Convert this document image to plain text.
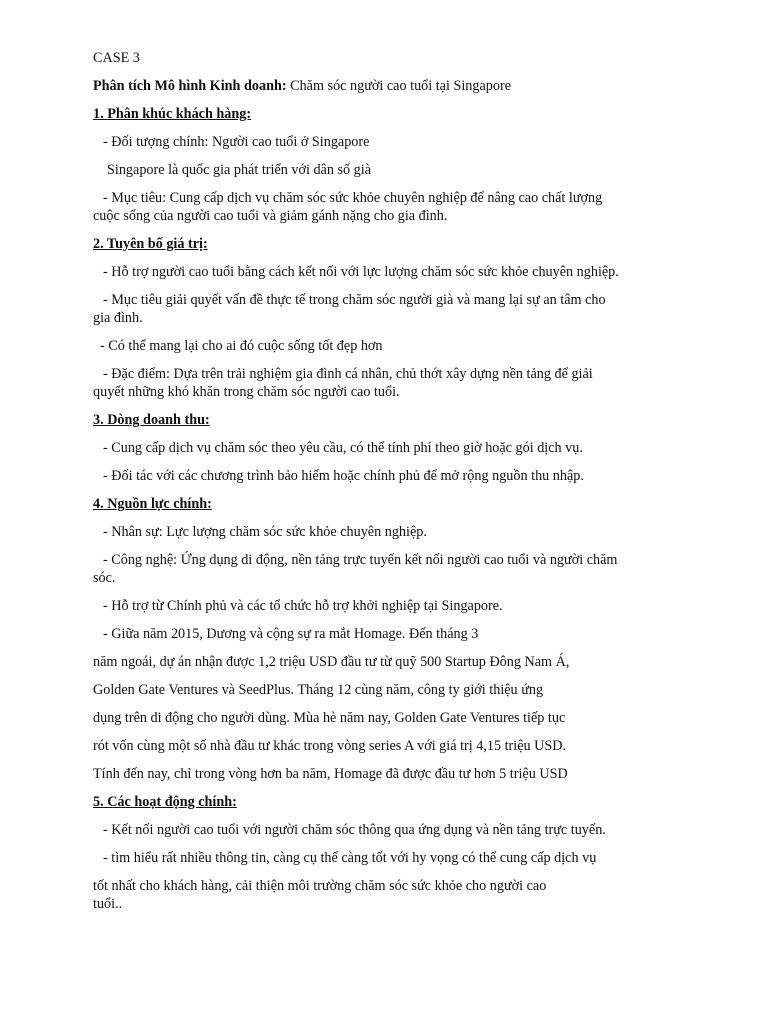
CASE 3
Phân tích Mô hình Kinh doanh: Chăm sóc người cao tuổi tại Singapore
1. Phân khúc khách hàng:
- Đối tượng chính: Người cao tuổi ở Singapore
Singapore là quốc gia phát triển với dân số già
- Mục tiêu: Cung cấp dịch vụ chăm sóc sức khỏe chuyên nghiệp để nâng cao chất lượng
cuộc sống của người cao tuổi và giảm gánh nặng cho gia đình.
2. Tuyên bố giá trị:
- Hỗ trợ người cao tuổi bằng cách kết nối với lực lượng chăm sóc sức khỏe chuyên nghiệp.
- Mục tiêu giải quyết vấn đề thực tế trong chăm sóc người già và mang lại sự an tâm cho
gia đình.
- Có thể mang lại cho ai đó cuộc sống tốt đẹp hơn
- Đặc điểm: Dựa trên trải nghiệm gia đình cá nhân, chủ thớt xây dựng nền tảng để giải
quyết những khó khăn trong chăm sóc người cao tuổi.
3. Dòng doanh thu:
- Cung cấp dịch vụ chăm sóc theo yêu cầu, có thể tính phí theo giờ hoặc gói dịch vụ.
- Đối tác với các chương trình bảo hiểm hoặc chính phủ để mở rộng nguồn thu nhập.
4. Nguồn lực chính:
- Nhân sự: Lực lượng chăm sóc sức khỏe chuyên nghiệp.
- Công nghệ: Ứng dụng di động, nền tảng trực tuyến kết nối người cao tuổi và người chăm
sóc.
- Hỗ trợ từ Chính phủ và các tổ chức hỗ trợ khởi nghiệp tại Singapore.
- Giữa năm 2015, Dương và cộng sự ra mắt Homage. Đến tháng 3
năm ngoái, dự án nhận được 1,2 triệu USD đầu tư từ quỹ 500 Startup Đông Nam Á,
Golden Gate Ventures và SeedPlus. Tháng 12 cùng năm, công ty giới thiệu ứng
dụng trên di động cho người dùng. Mùa hè năm nay, Golden Gate Ventures tiếp tục
rót vốn cùng một số nhà đầu tư khác trong vòng series A với giá trị 4,15 triệu USD.
Tính đến nay, chỉ trong vòng hơn ba năm, Homage đã được đầu tư hơn 5 triệu USD
5. Các hoạt động chính:
- Kết nối người cao tuổi với người chăm sóc thông qua ứng dụng và nền tảng trực tuyến.
- tìm hiểu rất nhiều thông tin, càng cụ thể càng tốt với hy vọng có thể cung cấp dịch vụ
tốt nhất cho khách hàng, cải thiện môi trường chăm sóc sức khỏe cho người cao
tuổi..
